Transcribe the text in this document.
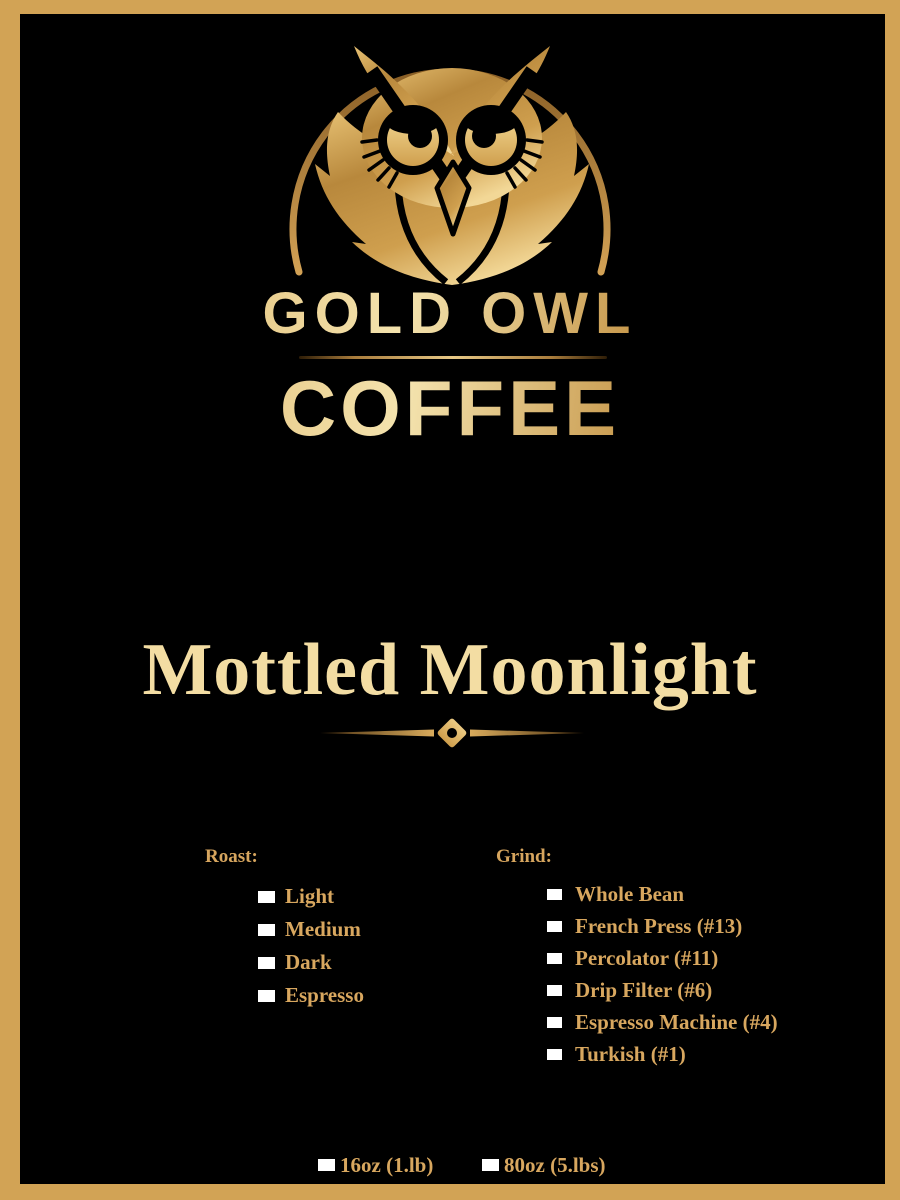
GOLD OWL
COFFEE
Mottled Moonlight
Roast:
Light
Medium
Dark
Espresso
Grind:
Whole Bean
French Press (#13)
Percolator (#11)
Drip Filter (#6)
Espresso Machine (#4)
Turkish (#1)
16oz (1.lb)	80oz (5.lbs)
